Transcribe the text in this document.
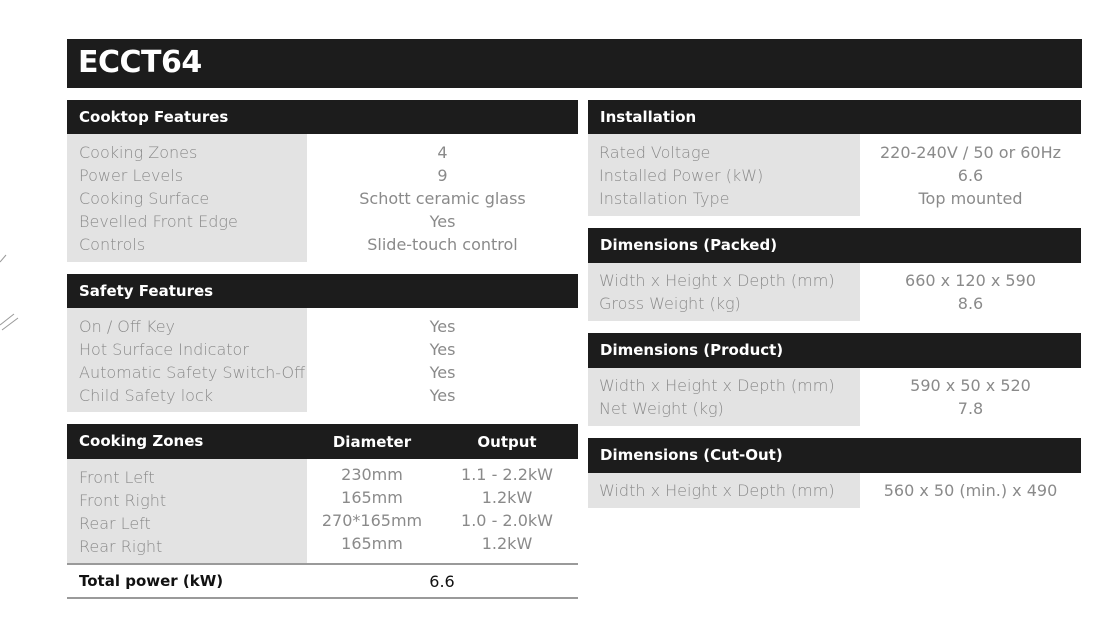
ECCT64
Cooktop Features
Cooking Zones	4
Power Levels	9
Cooking Surface	Schott ceramic glass
Bevelled Front Edge	Yes
Controls	Slide-touch control
Safety Features
On / Off Key	Yes
Hot Surface Indicator	Yes
Automatic Safety Switch-Off	Yes
Child Safety lock	Yes
Cooking Zones	Diameter	Output
Front Left	230mm	1.1 - 2.2kW
Front Right	165mm	1.2kW
Rear Left	270*165mm	1.0 - 2.0kW
Rear Right	165mm	1.2kW
Total power (kW)	6.6
Installation
Rated Voltage	220-240V / 50 or 60Hz
Installed Power (kW)	6.6
Installation Type	Top mounted
Dimensions (Packed)
Width x Height x Depth (mm)	660 x 120 x 590
Gross Weight (kg)	8.6
Dimensions (Product)
Width x Height x Depth (mm)	590 x 50 x 520
Net Weight (kg)	7.8
Dimensions (Cut-Out)
Width x Height x Depth (mm)	560 x 50 (min.) x 490
